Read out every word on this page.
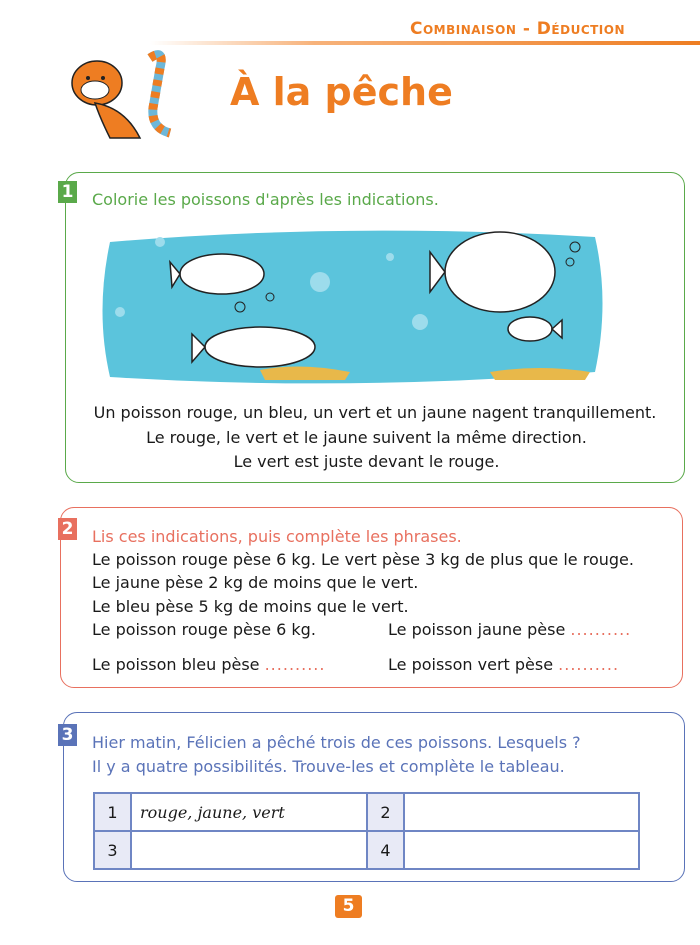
Combinaison - Déduction
À la pêche
1 Colorie les poissons d'après les indications.
Un poisson rouge, un bleu, un vert et un jaune nagent tranquillement.
Le rouge, le vert et le jaune suivent la même direction.
Le vert est juste devant le rouge.
2 Lis ces indications, puis complète les phrases.
Le poisson rouge pèse 6 kg. Le vert pèse 3 kg de plus que le rouge.
Le jaune pèse 2 kg de moins que le vert.
Le bleu pèse 5 kg de moins que le vert.
Le poisson rouge pèse 6 kg.	Le poisson jaune pèse ..........
Le poisson bleu pèse ..........	Le poisson vert pèse ..........
3 Hier matin, Félicien a pêché trois de ces poissons. Lesquels ?
Il y a quatre possibilités. Trouve-les et complète le tableau.
1	rouge, jaune, vert	2	
3		4	
5
